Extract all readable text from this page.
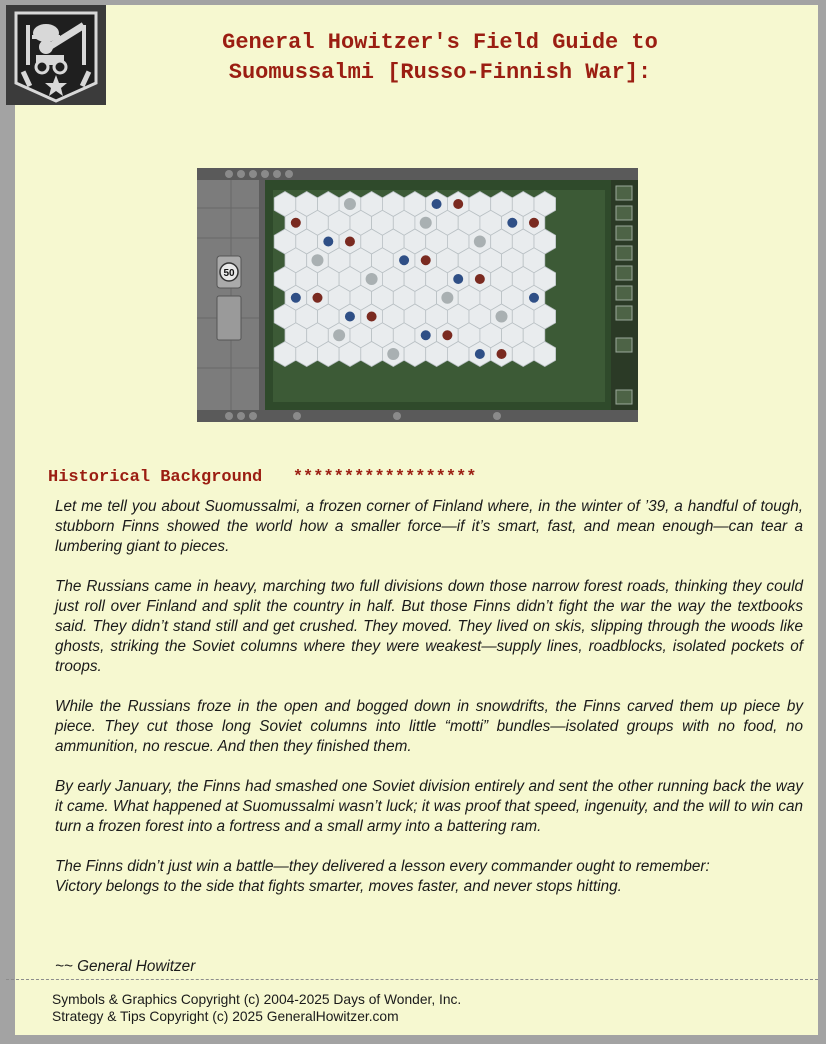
General Howitzer's Field Guide to
Suomussalmi [Russo-Finnish War]:
50
Historical Background ******************

Let me tell you about Suomussalmi, a frozen corner of Finland where, in the winter of ’39, a handful of tough, stubborn Finns showed the world how a smaller force—if it’s smart, fast, and mean enough—can tear a lumbering giant to pieces.

The Russians came in heavy, marching two full divisions down those narrow forest roads, thinking they could just roll over Finland and split the country in half. But those Finns didn’t fight the war the way the textbooks said. They didn’t stand still and get crushed. They moved. They lived on skis, slipping through the woods like ghosts, striking the Soviet columns where they were weakest—supply lines, roadblocks, isolated pockets of troops.

While the Russians froze in the open and bogged down in snowdrifts, the Finns carved them up piece by piece. They cut those long Soviet columns into little “motti” bundles—isolated groups with no food, no ammunition, no rescue. And then they finished them.

By early January, the Finns had smashed one Soviet division entirely and sent the other running back the way it came. What happened at Suomussalmi wasn’t luck; it was proof that speed, ingenuity, and the will to win can turn a frozen forest into a fortress and a small army into a battering ram.

The Finns didn’t just win a battle—they delivered a lesson every commander ought to remember:

Victory belongs to the side that fights smarter, moves faster, and never stops hitting.

~~ General Howitzer
Symbols & Graphics Copyright (c) 2004-2025 Days of Wonder, Inc.
Strategy & Tips Copyright (c) 2025 GeneralHowitzer.com
